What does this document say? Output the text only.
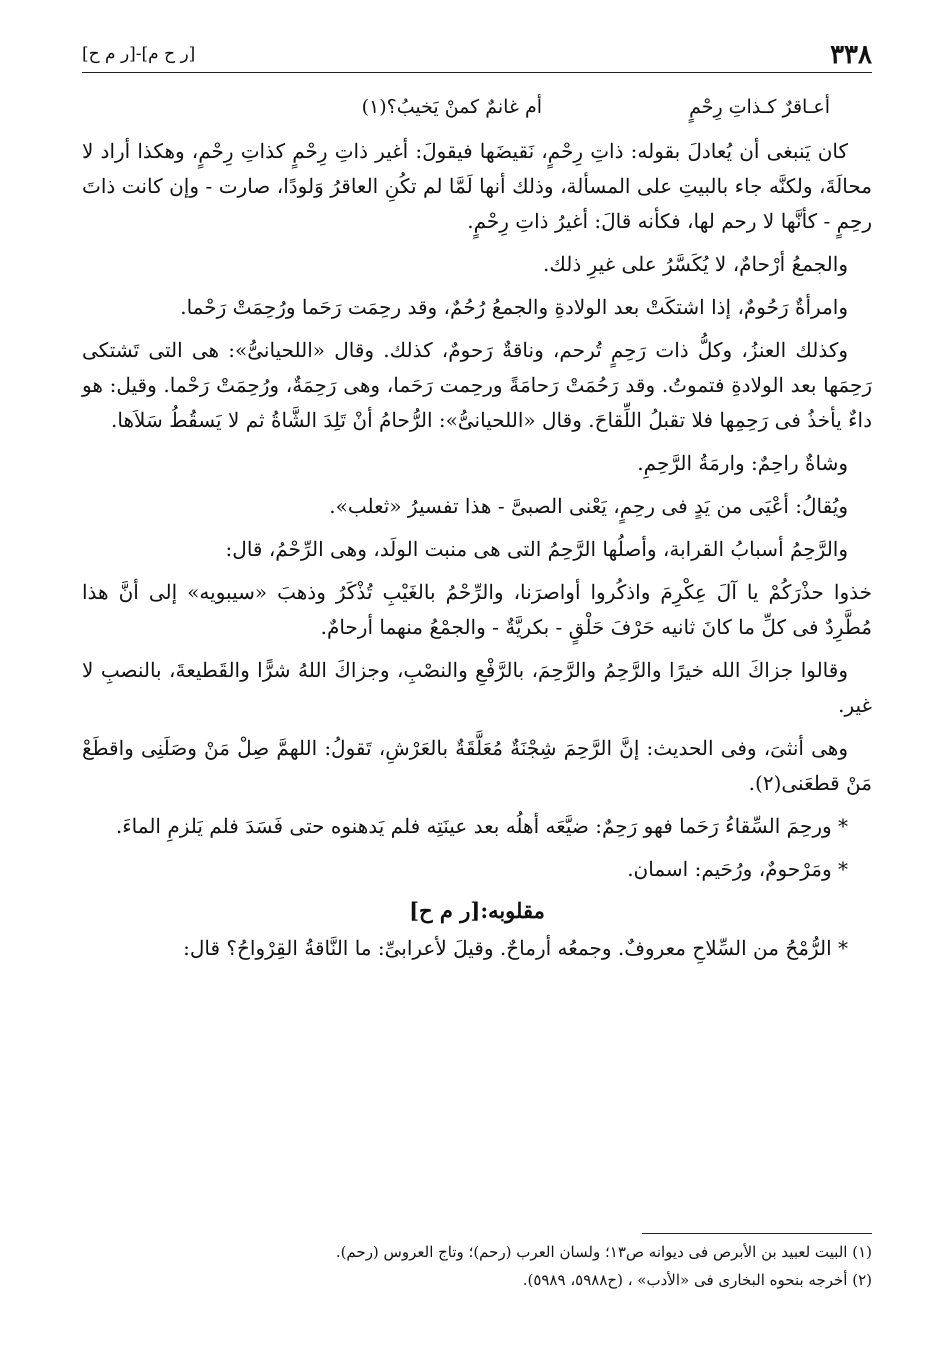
٣٣٨
[ر ح م]-[ر م ح]
أعـاقرٌ كـذاتِ رِحْمٍ
أم غانمٌ كمنْ يَخيبُ؟(١)

كان يَنبغى أن يُعادلَ بقوله: ذاتِ رِحْمٍ، نَقيضَها فيقولَ: أغير ذاتِ رِحْمٍ كذاتِ رِحْمٍ، وهكذا أراد لا محالَةَ، ولكنَّه جاء بالبيتِ على المسألة، وذلك أنها لَمَّا لم تكُنِ العاقرُ وَلودًا، صارت - وإن كانت ذاتَ رحِمٍ - كأنَّها لا رحم لها، فكأنه قالَ: أغيرُ ذاتِ رِحْمٍ.

والجمعُ أرْحامٌ، لا يُكَسَّرُ على غيرِ ذلك.

وامرأةٌ رَحُومٌ، إذا اشتكَتْ بعد الولادةِ والجمعُ رُحُمٌ، وقد رحِمَت رَحَما ورُحِمَتْ رَحْما.

وكذلك العنزُ، وكلُّ ذات رَحِمٍ تُرحم، وناقةٌ رَحومٌ، كذلك. وقال «اللحيانىُّ»: هى التى تَشتكى رَحِمَها بعد الولادةِ فتموتُ. وقد رَحُمَتْ رَحامَةً ورحِمت رَحَما، وهى رَحِمَةٌ، ورُحِمَتْ رَحْما. وقيل: هو داءٌ يأخذُ فى رَحِمِها فلا تقبلُ اللِّقاحَ. وقال «اللحيانىُّ»: الرُّحامُ أنْ تَلِدَ الشَّاةُ ثم لا يَسقُطُ سَلاَها.

وشاةٌ راحِمٌ: وارمَةُ الرَّحِمِ.

ويُقالُ: أعْيَى من يَدٍ فى رحِمٍ، يَعْنى الصبىَّ - هذا تفسيرُ «ثعلب».

والرَّحِمُ أسبابُ القرابة، وأصلُها الرَّحِمُ التى هى منبت الولَد، وهى الرِّحْمُ، قال:

خذوا حذْرَكُمْ يا آلَ عِكْرِمَ واذكُروا أواصرَنا، والرِّحْمُ بالغَيْبِ تُذْكَرُ وذهبَ «سيبويه» إلى أنَّ هذا مُطَّرِدٌ فى كلِّ ما كانَ ثانيه حَرْفَ حَلْقٍ - بكريَّةٌ - والجمْعُ منهما أرحامٌ.

وقالوا جزاكَ الله خيرًا والرَّحِمُ والرَّحِمَ، بالرَّفْعِ والنصْبِ، وجزاكَ اللهُ شرًّا والقَطيعةَ، بالنصبِ لا غير.

وهى أنثىَ، وفى الحديث: إنَّ الرَّحِمَ شِجْنَةٌ مُعَلَّقَةٌ بالعَرْشِ، تَقولُ: اللهمَّ صِلْ مَنْ وصَلَنِى واقطَعْ مَنْ قطعَنى(٢).

* ورحِمَ السِّقاءُ رَحَما فهو رَحِمٌ: ضيَّعَه أهلُه بعد عينَتِه فلم يَدهنوه حتى فَسَدَ فلم يَلزمِ الماءَ.

* ومَرْحومٌ، ورُحَيم: اسمان.

مقلوبه:[ر م ح]

* الرُّمْحُ من السِّلاحِ معروفٌ. وجمعُه أرماحٌ. وقيلَ لأعرابىِّ: ما النَّاقةُ القِرْواحُ؟ قال:

(١) البيت لعبيد بن الأبرص فى ديوانه ص١٣؛ ولسان العرب (رحم)؛ وتاج العروس (رحم).
(٢) أخرجه بنحوه البخارى فى «الأدب» ، (ح٥٩٨٨، ٥٩٨٩).
